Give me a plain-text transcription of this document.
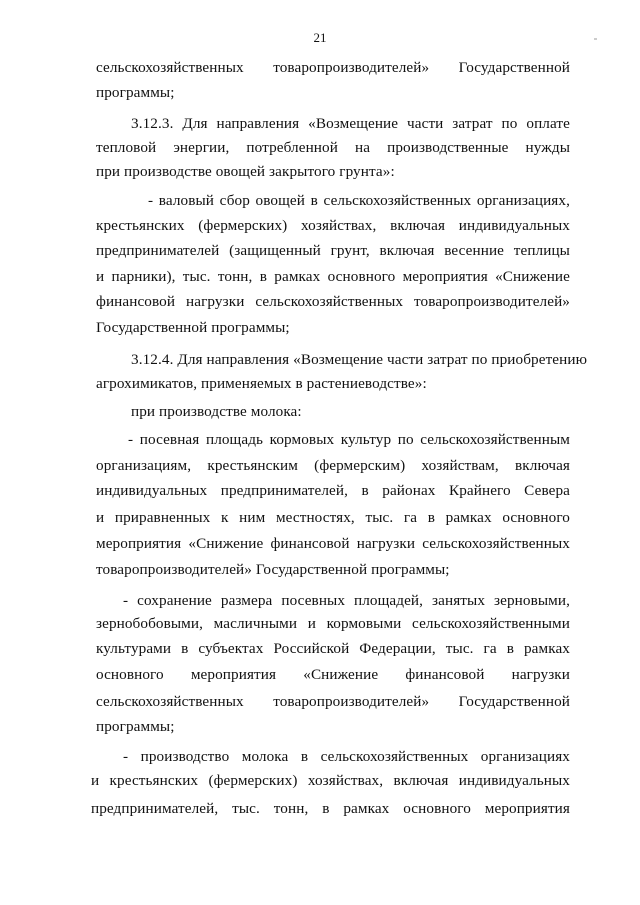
21
сельскохозяйственных товаропроизводителей» Государственной
программы;
3.12.3. Для направления «Возмещение части затрат по оплате
тепловой энергии, потребленной на производственные нужды
при производстве овощей закрытого грунта»:
- валовый сбор овощей в сельскохозяйственных организациях,
крестьянских (фермерских) хозяйствах, включая индивидуальных
предпринимателей (защищенный грунт, включая весенние теплицы
и парники), тыс. тонн, в рамках основного мероприятия «Снижение
финансовой нагрузки сельскохозяйственных товаропроизводителей»
Государственной программы;
3.12.4. Для направления «Возмещение части затрат по приобретению
агрохимикатов, применяемых в растениеводстве»:
при производстве молока:
- посевная площадь кормовых культур по сельскохозяйственным
организациям, крестьянским (фермерским) хозяйствам, включая
индивидуальных предпринимателей, в районах Крайнего Севера
и приравненных к ним местностях, тыс. га в рамках основного
мероприятия «Снижение финансовой нагрузки сельскохозяйственных
товаропроизводителей» Государственной программы;
- сохранение размера посевных площадей, занятых зерновыми,
зернобобовыми, масличными и кормовыми сельскохозяйственными
культурами в субъектах Российской Федерации, тыс. га в рамках
основного мероприятия «Снижение финансовой нагрузки
сельскохозяйственных товаропроизводителей» Государственной
программы;
- производство молока в сельскохозяйственных организациях
и крестьянских (фермерских) хозяйствах, включая индивидуальных
предпринимателей, тыс. тонн, в рамках основного мероприятия
